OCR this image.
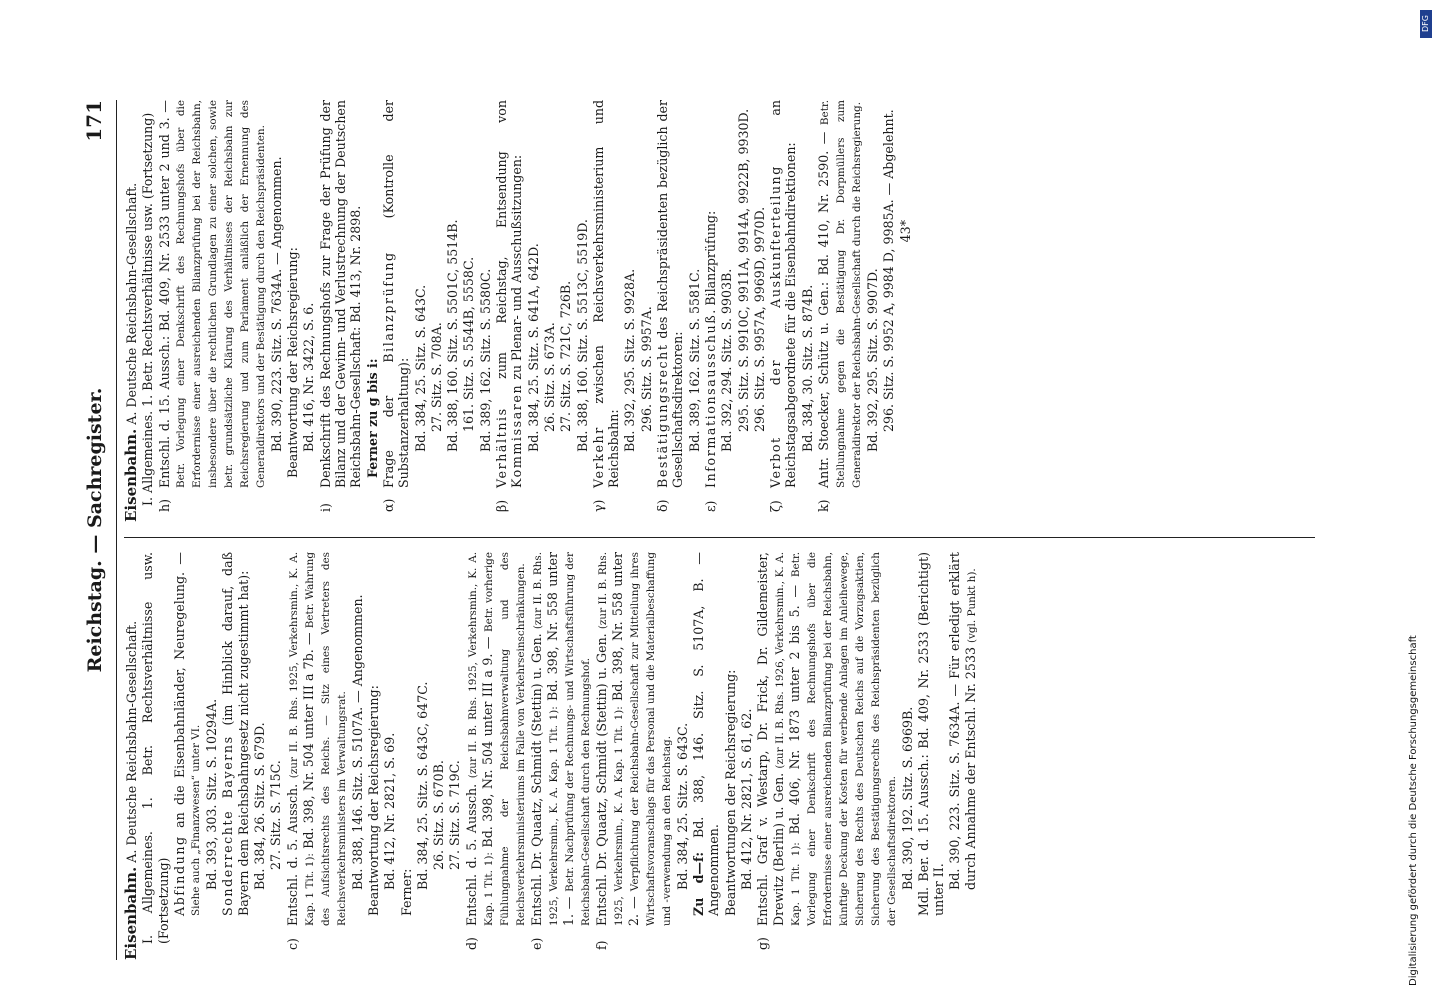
Reichstag. — Sachregister.
171

Eisenbahn. A. Deutsche Reichsbahn-Gesellschaft. I. Allgemeines. 1. Betr. Rechtsverhältnisse usw. (Fortsetzung) Abfindung an die Eisenbahnländer, Neuregelung. — Siehe auch „Finanzwesen“ unter VI. Bd. 393, 303. Sitz. S. 10294A. Sonderrechte Bayerns (im Hinblick darauf, daß Bayern dem Reichsbahngesetz nicht zugestimmt hat): Bd. 384, 26. Sitz. S. 679D. 27. Sitz. S. 715C.

c)
Entschl. d. 5. Aussch. (zur II. B. Rhs. 1925, Verkehrsmin., K. A. Kap. 1 Tit. 1): Bd. 398, Nr. 504 unter III a 7b. — Betr. Wahrung des Aufsichtsrechts des Reichs. — Sitz eines Vertreters des Reichsverkehrsministers im Verwaltungsrat. Bd. 388, 146. Sitz. S. 5107A. — Angenommen. Beantwortung der Reichsregierung: Bd. 412, Nr. 2821, S. 69.

Ferner:

Bd. 384, 25. Sitz. S. 643C, 647C. 26. Sitz. S. 670B. 27. Sitz. S. 719C.

d)
Entschl. d. 5. Aussch. (zur II. B. Rhs. 1925, Verkehrsmin., K. A. Kap. 1 Tit. 1): Bd. 398, Nr. 504 unter III a 9. — Betr. vorherige Fühlungnahme der Reichsbahnverwaltung und des Reichsverkehrsministeriums im Falle von Verkehrseinschränkungen.

e)
Entschl. Dr. Quaatz, Schmidt (Stettin) u. Gen. (zur II. B. Rhs. 1925, Verkehrsmin., K. A. Kap. 1 Tit. 1): Bd. 398, Nr. 558 unter 1. — Betr. Nachprüfung der Rechnungs- und Wirtschaftsführung der Reichsbahn-Gesellschaft durch den Rechnungshof.

f)
Entschl. Dr. Quaatz, Schmidt (Stettin) u. Gen. (zur II. B. Rhs. 1925, Verkehrsmin., K. A. Kap. 1 Tit. 1): Bd. 398, Nr. 558 unter 2. — Verpflichtung der Reichsbahn-Gesellschaft zur Mitteilung ihres Wirtschaftsvoranschlags für das Personal und die Materialbeschaffung und -verwendung an den Reichstag. Bd. 384, 25. Sitz. S. 643C. Zu d—f: Bd. 388, 146. Sitz. S. 5107A, B. — Angenommen. Beantwortungen der Reichsregierung: Bd. 412, Nr. 2821, S. 61, 62.

g)
Entschl. Graf v. Westarp, Dr. Frick, Dr. Gildemeister, Drewitz (Berlin) u. Gen. (zur II. B. Rhs. 1926, Verkehrsmin., K. A. Kap. 1 Tit. 1): Bd. 406, Nr. 1873 unter 2 bis 5. — Betr. Vorlegung einer Denkschrift des Rechnungshofs über die Erfordernisse einer ausreichenden Bilanzprüfung bei der Reichsbahn, künftige Deckung der Kosten für werbende Anlagen im Anleihewege, Sicherung des Rechts des Deutschen Reichs auf die Vorzugsaktien, Sicherung des Bestätigungsrechts des Reichspräsidenten bezüglich der Gesellschaftsdirektoren. Bd. 390, 192. Sitz. S. 6969B. Mdl. Ber. d. 15. Aussch.: Bd. 409, Nr. 2533 (Berichtigt) unter II. Bd. 390, 223. Sitz. S. 7634A. — Für erledigt erklärt durch Annahme der Entschl. Nr. 2533 (vgl. Punkt h).

Eisenbahn. A. Deutsche Reichsbahn-Gesellschaft. I. Allgemeines. 1. Betr. Rechtsverhältnisse usw. (Fortsetzung) h)
Entschl. d. 15. Aussch.: Bd. 409, Nr. 2533 unter 2 und 3. — Betr. Vorlegung einer Denkschrift des Rechnungshofs über die Erfordernisse einer ausreichenden Bilanzprüfung bei der Reichsbahn, insbesondere über die rechtlichen Grundlagen zu einer solchen, sowie betr. grundsätzliche Klärung des Verhältnisses der Reichsbahn zur Reichsregierung und zum Parlament anläßlich der Ernennung des Generaldirektors und der Bestätigung durch den Reichspräsidenten. Bd. 390, 223. Sitz. S. 7634A. — Angenommen. Beantwortung der Reichsregierung: Bd. 416, Nr. 3422, S. 6.

i)
Denkschrift des Rechnungshofs zur Frage der Prüfung der Bilanz und der Gewinn- und Verlustrechnung der Deutschen Reichsbahn-Gesellschaft: Bd. 413, Nr. 2898. Ferner zu g bis i:

α)
Frage der Bilanzprüfung (Kontrolle der Substanzerhaltung): Bd. 384, 25. Sitz. S. 643C. 27. Sitz. S. 708A. Bd. 388, 160. Sitz. S. 5501C, 5514B. 161. Sitz. S. 5544B, 5558C. Bd. 389, 162. Sitz. S. 5580C.

β)
Verhältnis zum Reichstag, Entsendung von Kommissaren zu Plenar- und Ausschußsitzungen: Bd. 384, 25. Sitz. S. 641A, 642D. 26. Sitz. S. 673A. 27. Sitz. S. 721C, 726B. Bd. 388, 160. Sitz. S. 5513C, 5519D.

γ)
Verkehr zwischen Reichsverkehrsministerium und Reichsbahn: Bd. 392, 295. Sitz. S. 9928A. 296. Sitz. S. 9957A.

δ)
Bestätigungsrecht des Reichspräsidenten bezüglich der Gesellschaftsdirektoren: Bd. 389, 162. Sitz. S. 5581C.

ε)
Informationsausschuß. Bilanzprüfung:

Bd. 392, 294. Sitz. S. 9903B. 295. Sitz. S. 9910C, 9911A, 9914A, 9922B, 9930D. 296. Sitz. S. 9957A, 9969D, 9970D.

ζ)
Verbot der Auskunfterteilung an Reichstagsabgeordnete für die Eisenbahndirektionen: Bd. 384, 30. Sitz. S. 874B.

k)
Antr. Stoecker, Schütz u. Gen.: Bd. 410, Nr. 2590. — Betr. Stellungnahme gegen die Bestätigung Dr. Dorpmüllers zum Generaldirektor der Reichsbahn-Gesellschaft durch die Reichsregierung. Bd. 392, 295. Sitz. S. 9907D. 296. Sitz. S. 9952 A, 9984 D, 9985A. — Abgelehnt. 43*

Digitalisierung gefördert durch die Deutsche Forschungsgemeinschaft
DFG
